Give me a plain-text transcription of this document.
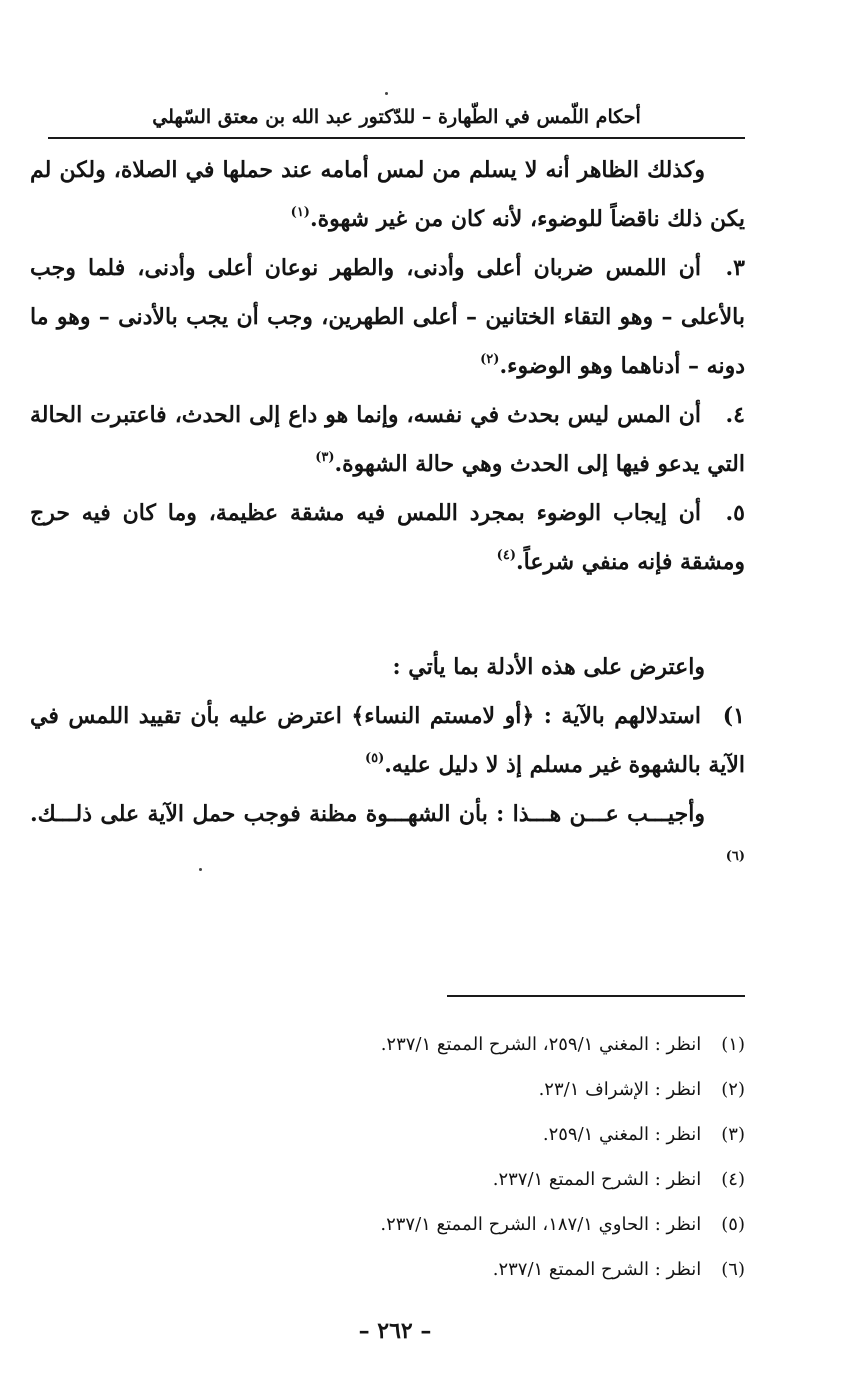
أحكام اللّمس في الطّهارة – للدّكتور عبد الله بن معتق السّهلي

وكذلك الظاهر أنه لا يسلم من لمس أمامه عند حملها في الصلاة، ولكن لم يكن ذلك ناقضاً للوضوء، لأنه كان من غير شهوة.$^{(١)}$

٣.أن اللمس ضربان أعلى وأدنى، والطهر نوعان أعلى وأدنى، فلما وجب بالأعلى – وهو التقاء الختانين – أعلى الطهرين، وجب أن يجب بالأدنى – وهو ما دونه – أدناهما وهو الوضوء.$^{(٢)}$

٤.أن المس ليس بحدث في نفسه، وإنما هو داع إلى الحدث، فاعتبرت الحالة التي يدعو فيها إلى الحدث وهي حالة الشهوة.$^{(٣)}$

٥.أن إيجاب الوضوء بمجرد اللمس فيه مشقة عظيمة، وما كان فيه حرج ومشقة فإنه منفي شرعاً.$^{(٤)}$

واعترض على هذه الأدلة بما يأتي :

١)استدلالهم بالآية : ﴿أو لامستم النساء﴾ اعترض عليه بأن تقييد اللمس في الآية بالشهوة غير مسلم إذ لا دليل عليه.$^{(٥)}$

وأجيـــب عـــن هـــذا : بأن الشهـــوة مظنة فوجب حمل الآية على ذلـــك.$^{(٦)}$

(١) انظر : المغني ٢٥٩/١، الشرح الممتع ٢٣٧/١.

(٢) انظر : الإشراف ٢٣/١.

(٣) انظر : المغني ٢٥٩/١.

(٤) انظر : الشرح الممتع ٢٣٧/١.

(٥) انظر : الحاوي ١٨٧/١، الشرح الممتع ٢٣٧/١.

(٦) انظر : الشرح الممتع ٢٣٧/١.

– ٢٦٢ –
